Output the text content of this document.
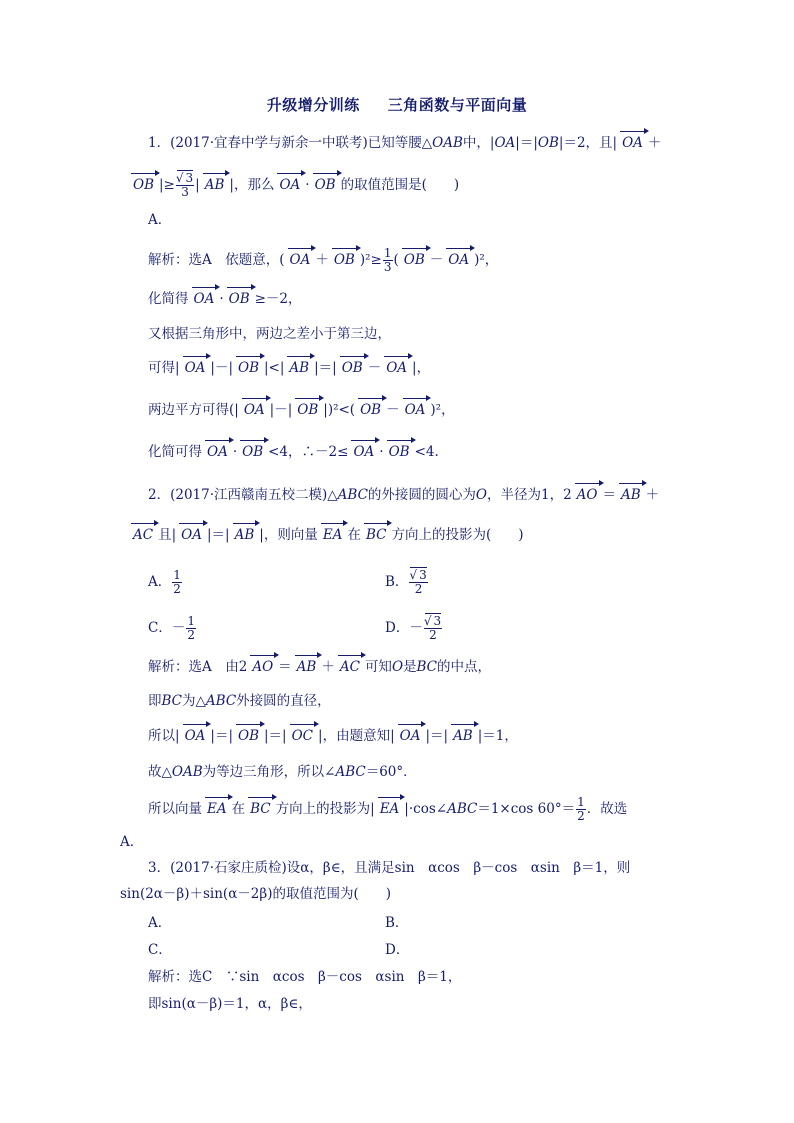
升级增分训练 三角函数与平面向量
1．(2017·宜春中学与新余一中联考)已知等腰△OAB中，|OA|＝|OB|＝2，且| OA ＋
OB |≥ √ $\frac{3}{3}$ | AB |，那么 OA · OB 的取值范围是(　　)
A．
解析：选A　依题意，( OA ＋ OB )$^2\ge \frac{1}{3}$ ( OB － OA )²，
化简得 OA · OB ≥－2，
又根据三角形中，两边之差小于第三边，
可得| OA |－| OB |<| AB |＝| OB － OA |，
两边平方可得(| OA |－| OB |)²<( OB － OA )²，
化简可得 OA · OB <4，∴－2≤ OA · OB <4.
2．(2017·江西赣南五校二模)△ABC的外接圆的圆心为O，半径为1，2 AO ＝ AB ＋
AC 且| OA |＝| AB |，则向量 EA 在 BC 方向上的投影为(　　)
A． $\frac{1}{2}$	B． √ $\frac{3}{2}$
C．－ $\frac{1}{2}$	D．－ √ $\frac{3}{2}$
解析：选A　由2 AO ＝ AB ＋ AC 可知O是BC的中点，
即BC为△ABC外接圆的直径，
所以| OA |＝| OB |＝| OC |，由题意知| OA |＝| AB |＝1，
故△OAB为等边三角形，所以∠ABC＝60°．
所以向量 EA 在 BC 方向上的投影为| EA |·cos∠ABC＝1×cos $60^\circ= \frac{1}{2}$ ．故选
A．
3．(2017·石家庄质检)设α，β∈，且满足sin　αcos　β－cos　αsin　β＝1，则
sin(2α－β)＋sin(α－2β)的取值范围为(　　)
A．	B．
C．	D．
解析：选C　∵sin　αcos　β－cos　αsin　β＝1，
即sin(α－β)＝1，α，β∈，
